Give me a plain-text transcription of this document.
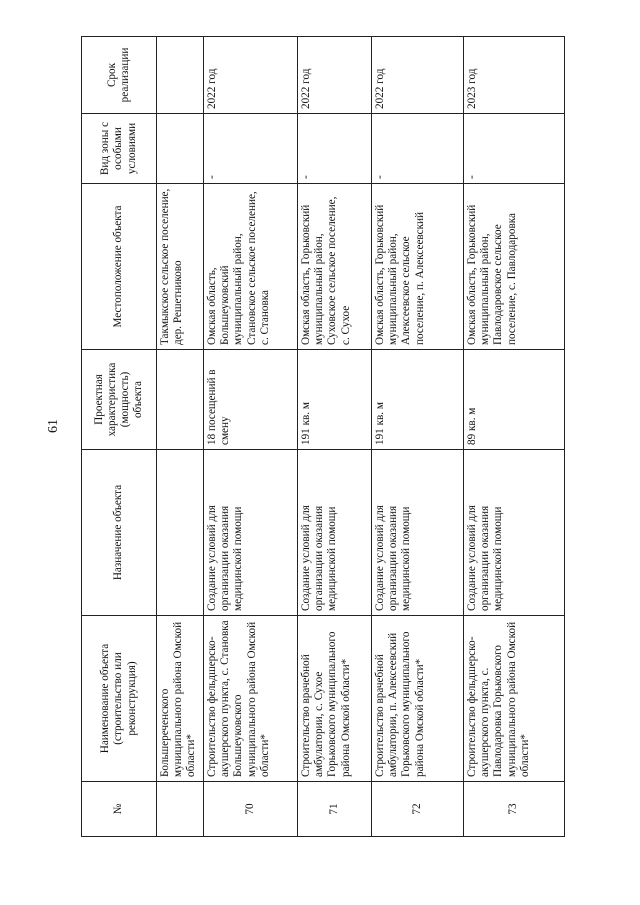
61
№	Наименование объекта (строительство или реконструкция)	Назначение объекта	Проектная характеристика (мощность) объекта	Местоположение объекта	Вид зоны с особыми условиями	Срок реализации
	Большереченского муниципального района Омской области*			Такмыкское сельское поселение, дер. Решетниково		
70	Строительство фельдшерско-акушерского пункта, с. Становка Большеуковского муниципального района Омской области*	Создание условий для организации оказания медицинской помощи	18 посещений в смену	Омская область, Большеуковский муниципальный район, Становское сельское поселение, с. Становка	-	2022 год
71	Строительство врачебной амбулатории, с. Сухое Горьковского муниципального района Омской области*	Создание условий для организации оказания медицинской помощи	191 кв. м	Омская область, Горьковский муниципальный район, Суховское сельское поселение, с. Сухое	-	2022 год
72	Строительство врачебной амбулатории, п. Алексеевский Горьковского муниципального района Омской области*	Создание условий для организации оказания медицинской помощи	191 кв. м	Омская область, Горьковский муниципальный район, Алексеевское сельское поселение, п. Алексеевский	-	2022 год
73	Строительство фельдшерско-акушерского пункта, с. Павлодаровка Горьковского муниципального района Омской области*	Создание условий для организации оказания медицинской помощи	89 кв. м	Омская область, Горьковский муниципальный район, Павлодаровское сельское поселение, с. Павлодаровка	-	2023 год
